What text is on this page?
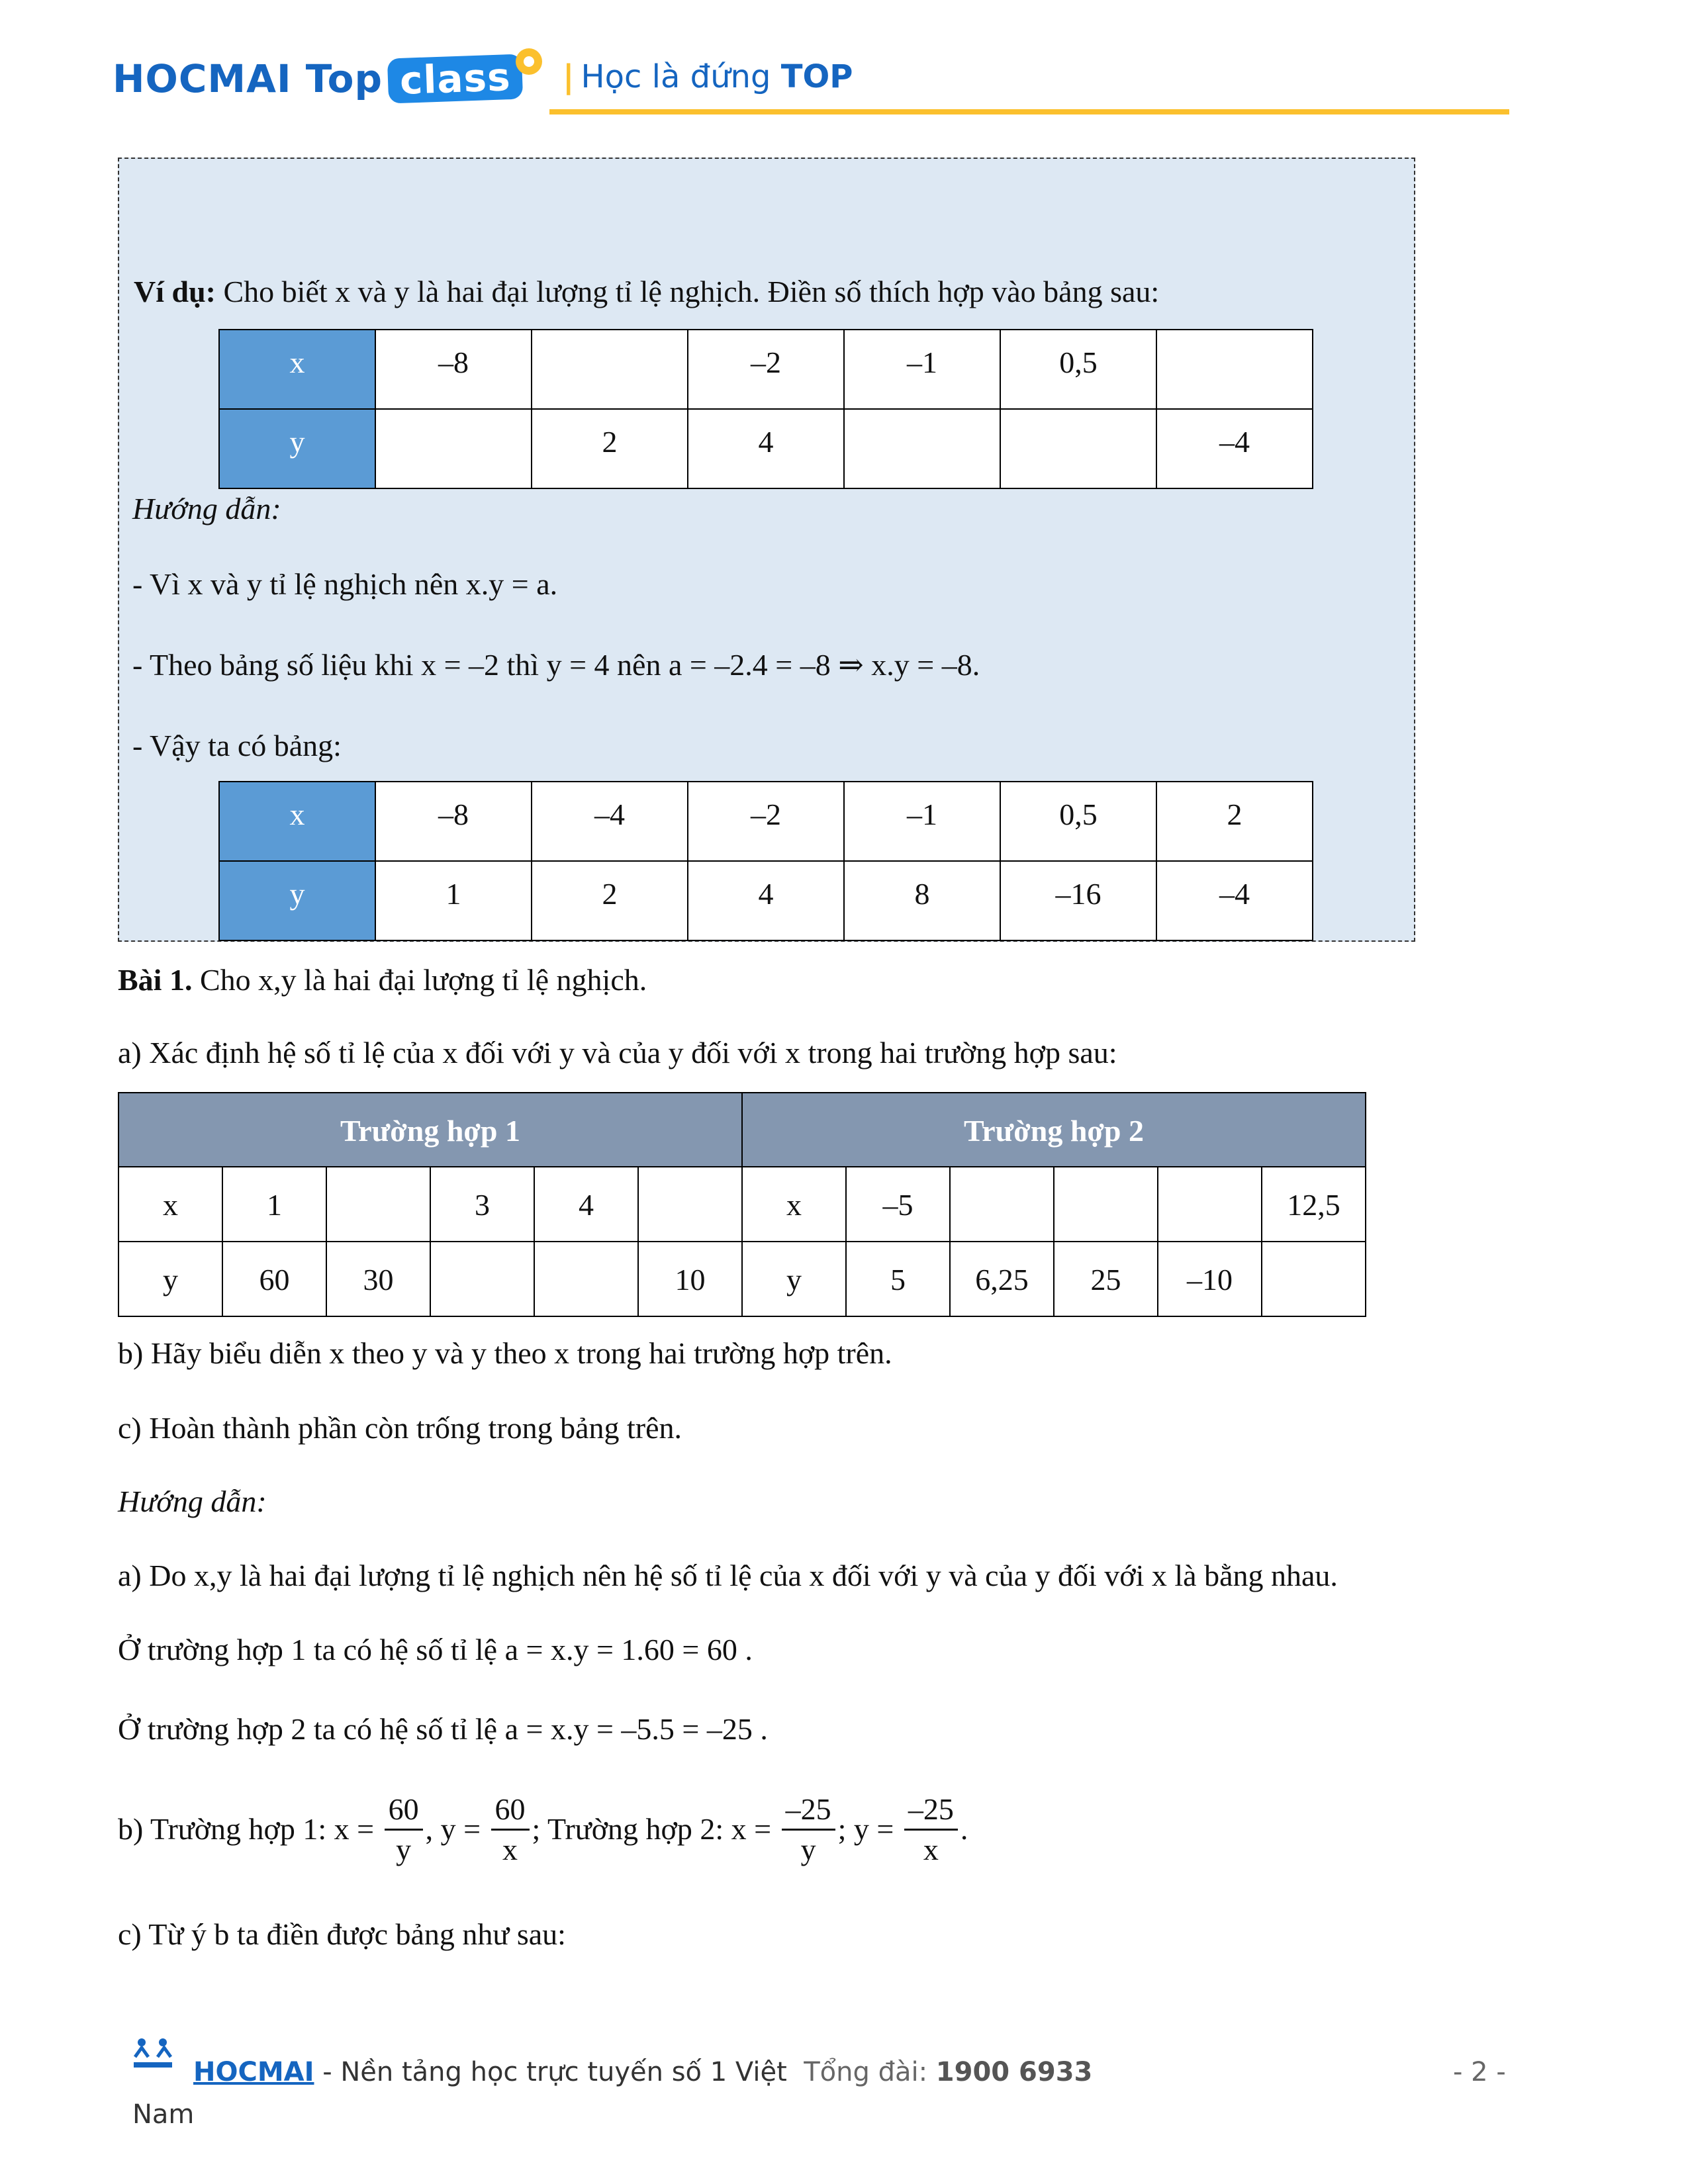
HOCMAI Top class	| Học là đứng TOP
Ví dụ: Cho biết x và y là hai đại lượng tỉ lệ nghịch. Điền số thích hợp vào bảng sau:
x	–8		–2	–1	0,5	
y		2	4			–4
Hướng dẫn:
- Vì x và y tỉ lệ nghịch nên x.y = a.
- Theo bảng số liệu khi x = –2 thì y = 4 nên a = –2.4 = –8 ⇒ x.y = –8.
- Vậy ta có bảng:
x	–8	–4	–2	–1	0,5	2
y	1	2	4	8	–16	–4
Bài 1. Cho x,y là hai đại lượng tỉ lệ nghịch.
a) Xác định hệ số tỉ lệ của x đối với y và của y đối với x trong hai trường hợp sau:
Trường hợp 1						Trường hợp 2					
x	1		3	4		x	–5				12,5
y	60	30			10	y	5	6,25	25	–10	
b) Hãy biểu diễn x theo y và y theo x trong hai trường hợp trên.
c) Hoàn thành phần còn trống trong bảng trên.
Hướng dẫn:
a) Do x,y là hai đại lượng tỉ lệ nghịch nên hệ số tỉ lệ của x đối với y và của y đối với x là bằng nhau.
Ở trường hợp 1 ta có hệ số tỉ lệ a = x.y = 1.60 = 60 .
Ở trường hợp 2 ta có hệ số tỉ lệ a = x.y = –5.5 = –25 .
b) Trường hợp 1: $x = \frac{60}{y}$ , $y = \frac{60}{x}$ ; Trường hợp 2: $x = \frac{-25}{y}$ ; $y = \frac{-25}{x}$ .
c) Từ ý b ta điền được bảng như sau:
HOCMAI - Nền tảng học trực tuyến số 1 Việt Tổng đài: 1900 6933	- 2 -
Nam
